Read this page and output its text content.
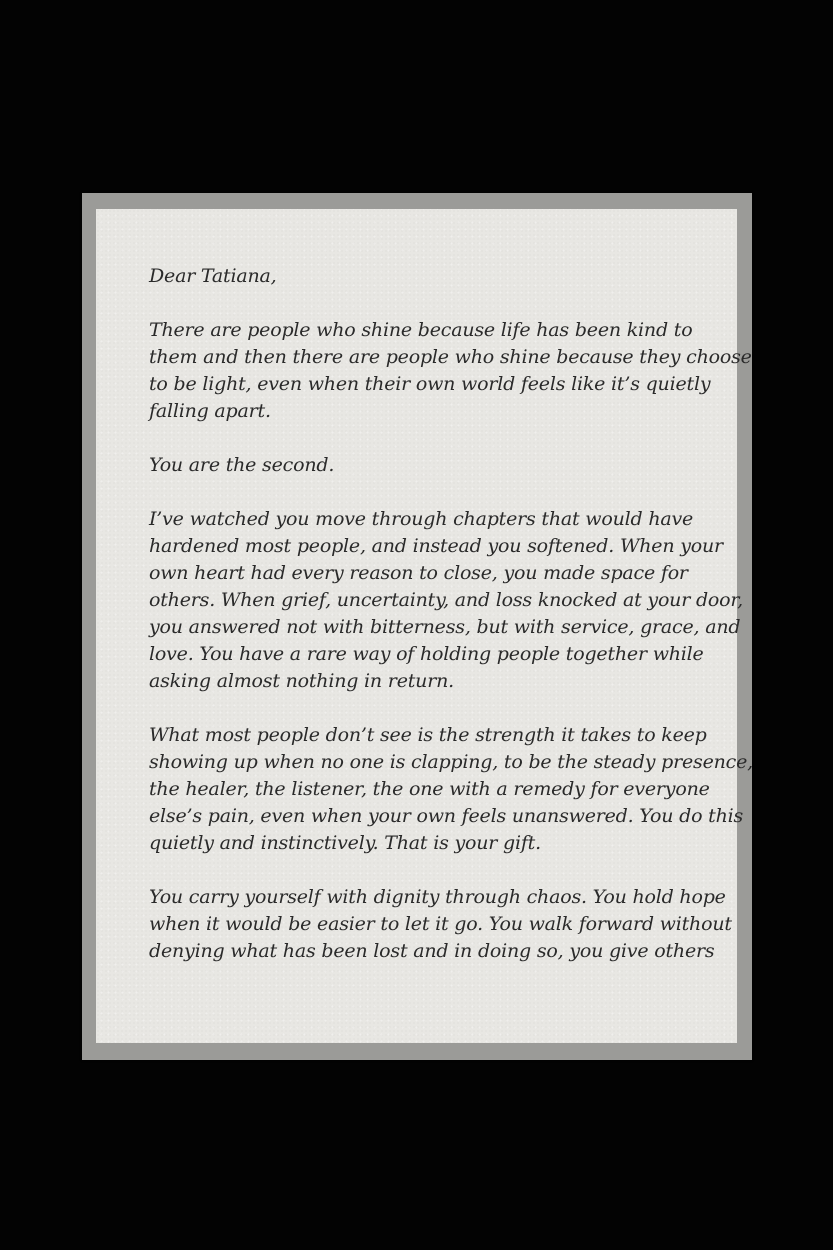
Dear Tatiana,

There are people who shine because life has been kind to
them and then there are people who shine because they choose
to be light, even when their own world feels like it’s quietly
falling apart.

You are the second.

I’ve watched you move through chapters that would have
hardened most people, and instead you softened. When your
own heart had every reason to close, you made space for
others. When grief, uncertainty, and loss knocked at your door,
you answered not with bitterness, but with service, grace, and
love. You have a rare way of holding people together while
asking almost nothing in return.

What most people don’t see is the strength it takes to keep
showing up when no one is clapping, to be the steady presence,
the healer, the listener, the one with a remedy for everyone
else’s pain, even when your own feels unanswered. You do this
quietly and instinctively. That is your gift.

You carry yourself with dignity through chaos. You hold hope
when it would be easier to let it go. You walk forward without
denying what has been lost and in doing so, you give others
